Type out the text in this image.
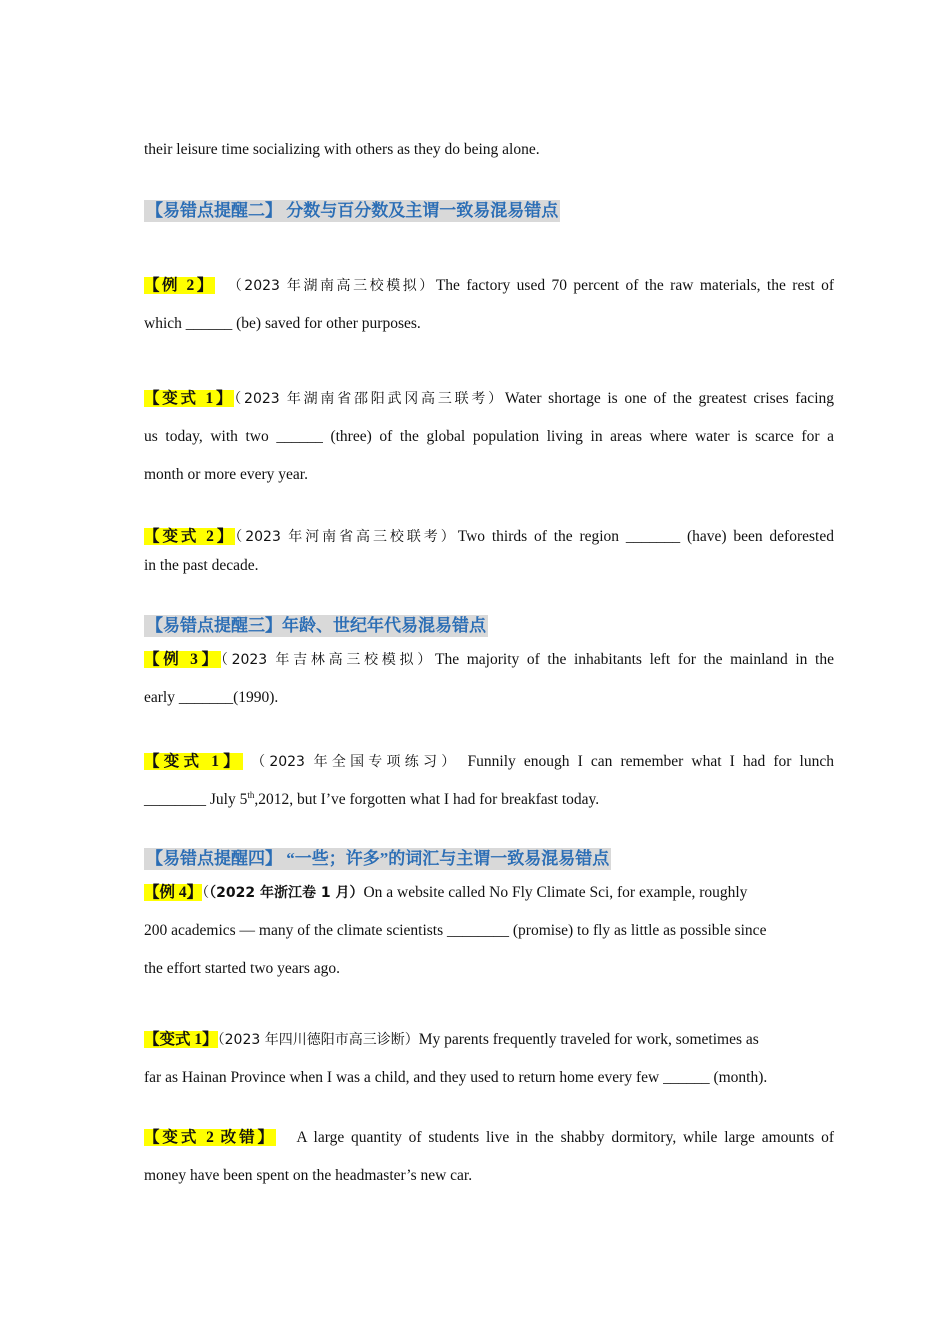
their leisure time socializing with others as they do being alone.

【易错点提醒二】 分数与百分数及主谓一致易混易错点

【例 2】 （2023 年湖南高三校模拟）The factory used 70 percent of the raw materials, the rest of

which ______ (be) saved for other purposes.

【变式 1】（2023 年湖南省邵阳武冈高三联考）Water shortage is one of the greatest crises facing

us today, with two ______ (three) of the global population living in areas where water is scarce for a

month or more every year.

【变式 2】（2023 年河南省高三校联考）Two thirds of the region _______ (have) been deforested

in the past decade.

【易错点提醒三】年龄、世纪年代易混易错点

【例 3】（2023 年吉林高三校模拟）The majority of the inhabitants left for the mainland in the

early _______(1990).

【变式 1】 （2023 年全国专项练习） Funnily enough I can remember what I had for lunch

________ July 5th,2012, but I’ve forgotten what I had for breakfast today.

【易错点提醒四】 “一些；许多”的词汇与主谓一致易混易错点

【例 4】（（2022 年浙江卷 1 月）On a website called No Fly Climate Sci, for example, roughly

200 academics — many of the climate scientists ________ (promise) to fly as little as possible since

the effort started two years ago.

【变式 1】（2023 年四川德阳市高三诊断）My parents frequently traveled for work, sometimes as

far as Hainan Province when I was a child, and they used to return home every few ______ (month).

【变式 2 改错】 A large quantity of students live in the shabby dormitory, while large amounts of

money have been spent on the headmaster’s new car.
